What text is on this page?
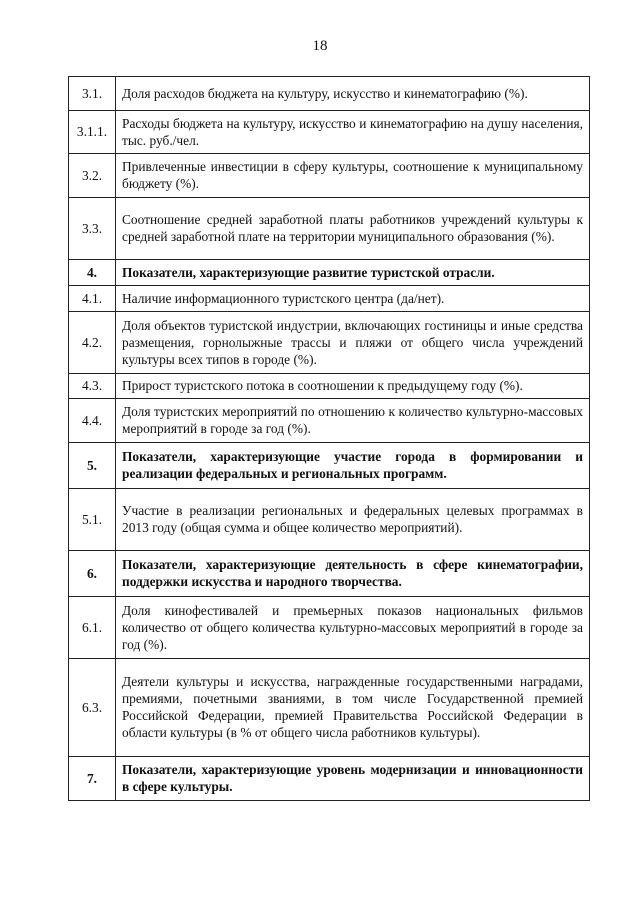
18
3.1.	Доля расходов бюджета на культуру, искусство и кинематографию (%).
3.1.1.	Расходы бюджета на культуру, искусство и кинематографию на душу населения, тыс. руб./чел.
3.2.	Привлеченные инвестиции в сферу культуры, соотношение к муниципальному бюджету (%).
3.3.	Соотношение средней заработной платы работников учреждений культуры к средней заработной плате на территории муниципального образования (%).
4.	Показатели, характеризующие развитие туристской отрасли.
4.1.	Наличие информационного туристского центра (да/нет).
4.2.	Доля объектов туристской индустрии, включающих гостиницы и иные средства размещения, горнолыжные трассы и пляжи от общего числа учреждений культуры всех типов в городе (%).
4.3.	Прирост туристского потока в соотношении к предыдущему году (%).
4.4.	Доля туристских мероприятий по отношению к количество культурно-массовых мероприятий в городе за год (%).
5.	Показатели, характеризующие участие города в формировании и реализации федеральных и региональных программ.
5.1.	Участие в реализации региональных и федеральных целевых программах в 2013 году (общая сумма и общее количество мероприятий).
6.	Показатели, характеризующие деятельность в сфере кинематографии, поддержки искусства и народного творчества.
6.1.	Доля кинофестивалей и премьерных показов национальных фильмов количество от общего количества культурно-массовых мероприятий в городе за год (%).
6.3.	Деятели культуры и искусства, награжденные государственными наградами, премиями, почетными званиями, в том числе Государственной премией Российской Федерации, премией Правительства Российской Федерации в области культуры (в % от общего числа работников культуры).
7.	Показатели, характеризующие уровень модернизации и инновационности в сфере культуры.
